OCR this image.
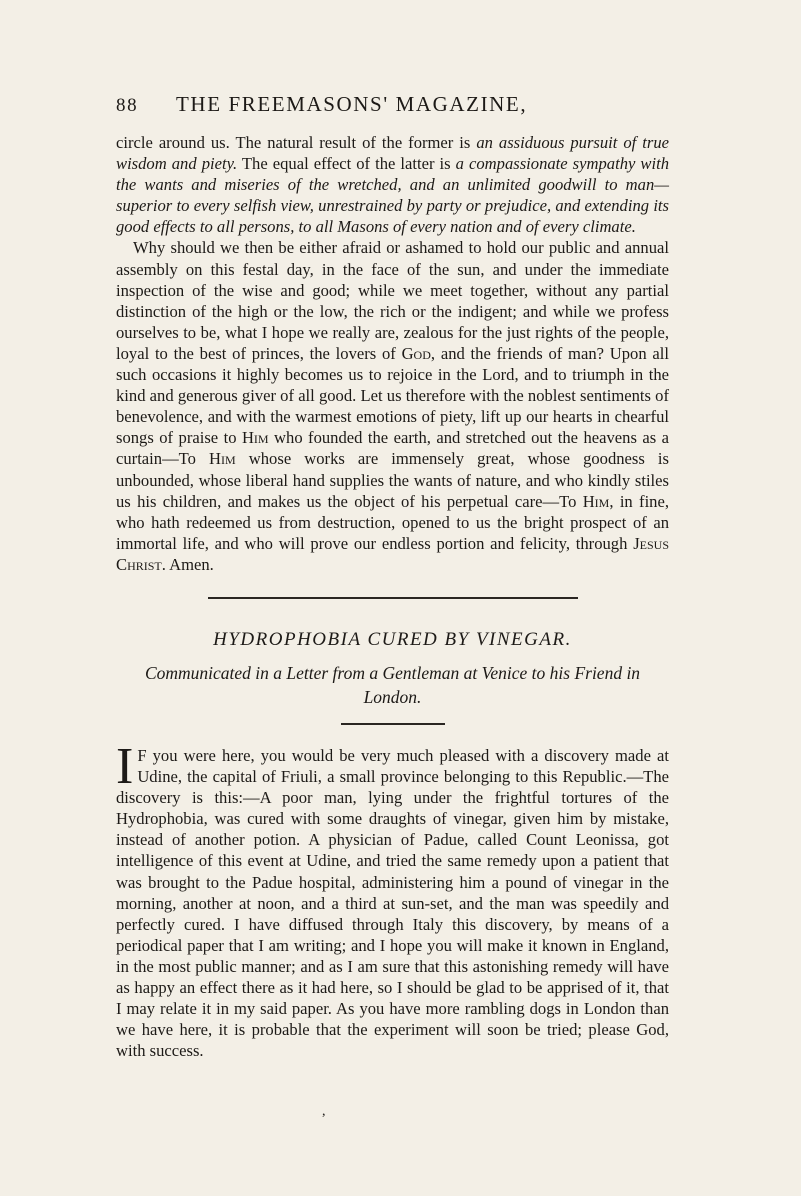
88	THE FREEMASONS' MAGAZINE,

circle around us. The natural result of the former is an assiduous pursuit of true wisdom and piety. The equal effect of the latter is a compassionate sympathy with the wants and miseries of the wretched, and an unlimited goodwill to man—superior to every selfish view, unrestrained by party or prejudice, and extending its good effects to all persons, to all Masons of every nation and of every climate.

Why should we then be either afraid or ashamed to hold our public and annual assembly on this festal day, in the face of the sun, and under the immediate inspection of the wise and good; while we meet together, without any partial distinction of the high or the low, the rich or the indigent; and while we profess ourselves to be, what I hope we really are, zealous for the just rights of the people, loyal to the best of princes, the lovers of God, and the friends of man? Upon all such occasions it highly becomes us to rejoice in the Lord, and to triumph in the kind and generous giver of all good. Let us therefore with the noblest sentiments of benevolence, and with the warmest emotions of piety, lift up our hearts in chearful songs of praise to Him who founded the earth, and stretched out the heavens as a curtain—To Him whose works are immensely great, whose goodness is unbounded, whose liberal hand supplies the wants of nature, and who kindly stiles us his children, and makes us the object of his perpetual care—To Him, in fine, who hath redeemed us from destruction, opened to us the bright prospect of an immortal life, and who will prove our endless portion and felicity, through Jesus Christ. Amen.

HYDROPHOBIA CURED BY VINEGAR.
Communicated in a Letter from a Gentleman at Venice to his Friend in London.

I F you were here, you would be very much pleased with a discovery made at Udine, the capital of Friuli, a small province belonging to this Republic.—The discovery is this:—A poor man, lying under the frightful tortures of the Hydrophobia, was cured with some draughts of vinegar, given him by mistake, instead of another potion. A physician of Padue, called Count Leonissa, got intelligence of this event at Udine, and tried the same remedy upon a patient that was brought to the Padue hospital, administering him a pound of vinegar in the morning, another at noon, and a third at sun-set, and the man was speedily and perfectly cured. I have diffused through Italy this discovery, by means of a periodical paper that I am writing; and I hope you will make it known in England, in the most public manner; and as I am sure that this astonishing remedy will have as happy an effect there as it had here, so I should be glad to be apprised of it, that I may relate it in my said paper. As you have more rambling dogs in London than we have here, it is probable that the experiment will soon be tried; please God, with success.

,
